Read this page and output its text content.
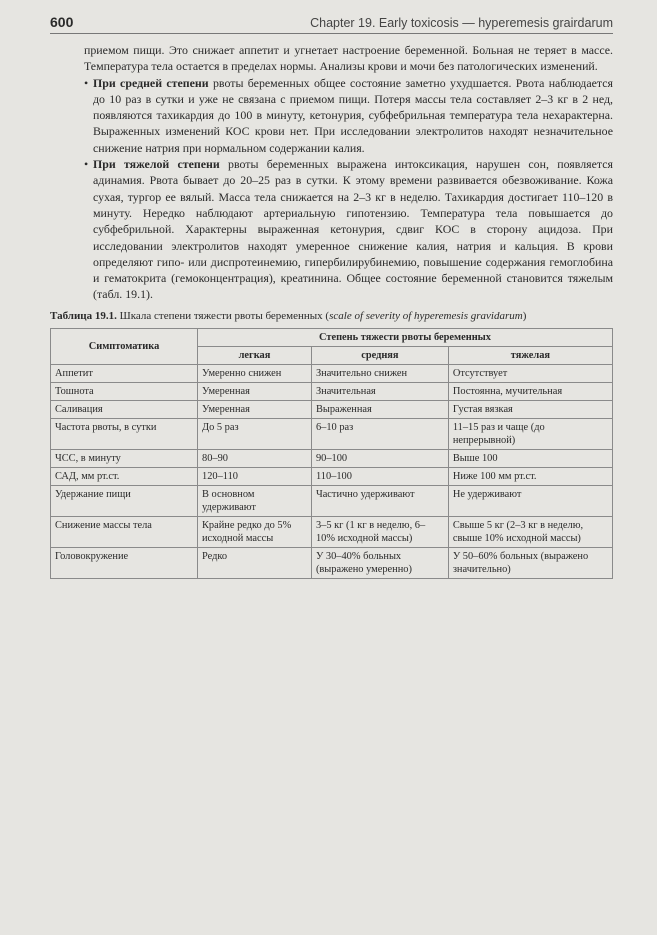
600	Chapter 19. Early toxicosis — hyperemesis grairdarum

приемом пищи. Это снижает аппетит и угнетает настроение беременной. Больная не теряет в массе. Температура тела остается в пределах нормы. Анализы крови и мочи без патологических изменений.

• При средней степени рвоты беременных общее состояние заметно ухудшается. Рвота наблюдается до 10 раз в сутки и уже не связана с приемом пищи. Потеря массы тела составляет 2–3 кг в 2 нед, появляются тахикардия до 100 в минуту, кетонурия, субфебрильная температура тела нехарактерна. Выраженных изменений КОС крови нет. При исследовании электролитов находят незначительное снижение натрия при нормальном содержании калия.

• При тяжелой степени рвоты беременных выражена интоксикация, нарушен сон, появляется адинамия. Рвота бывает до 20–25 раз в сутки. К этому времени развивается обезвоживание. Кожа сухая, тургор ее вялый. Масса тела снижается на 2–3 кг в неделю. Тахикардия достигает 110–120 в минуту. Нередко наблюдают артериальную гипотензию. Температура тела повышается до субфебрильной. Характерны выраженная кетонурия, сдвиг КОС в сторону ацидоза. При исследовании электролитов находят умеренное снижение калия, натрия и кальция. В крови определяют гипо- или диспротеинемию, гипербилирубинемию, повышение содержания гемоглобина и гематокрита (гемоконцентрация), креатинина. Общее состояние беременной становится тяжелым (табл. 19.1).

Таблица 19.1. Шкала степени тяжести рвоты беременных (scale of severity of hyperemesis gravidarum)
Симптоматика	Степень тяжести рвоты беременных		
	легкая	средняя	тяжелая
Аппетит	Умеренно снижен	Значительно снижен	Отсутствует
Тошнота	Умеренная	Значительная	Постоянна, мучительная
Саливация	Умеренная	Выраженная	Густая вязкая
Частота рвоты, в сутки	До 5 раз	6–10 раз	11–15 раз и чаще (до непрерывной)
ЧСС, в минуту	80–90	90–100	Выше 100
САД, мм рт.ст.	120–110	110–100	Ниже 100 мм рт.ст.
Удержание пищи	В основном удерживают	Частично удерживают	Не удерживают
Снижение массы тела	Крайне редко до 5% исходной массы	3–5 кг (1 кг в неделю, 6–10% исходной массы)	Свыше 5 кг (2–3 кг в неделю, свыше 10% исходной массы)
Головокружение	Редко	У 30–40% больных (выражено умеренно)	У 50–60% больных (выражено значительно)
